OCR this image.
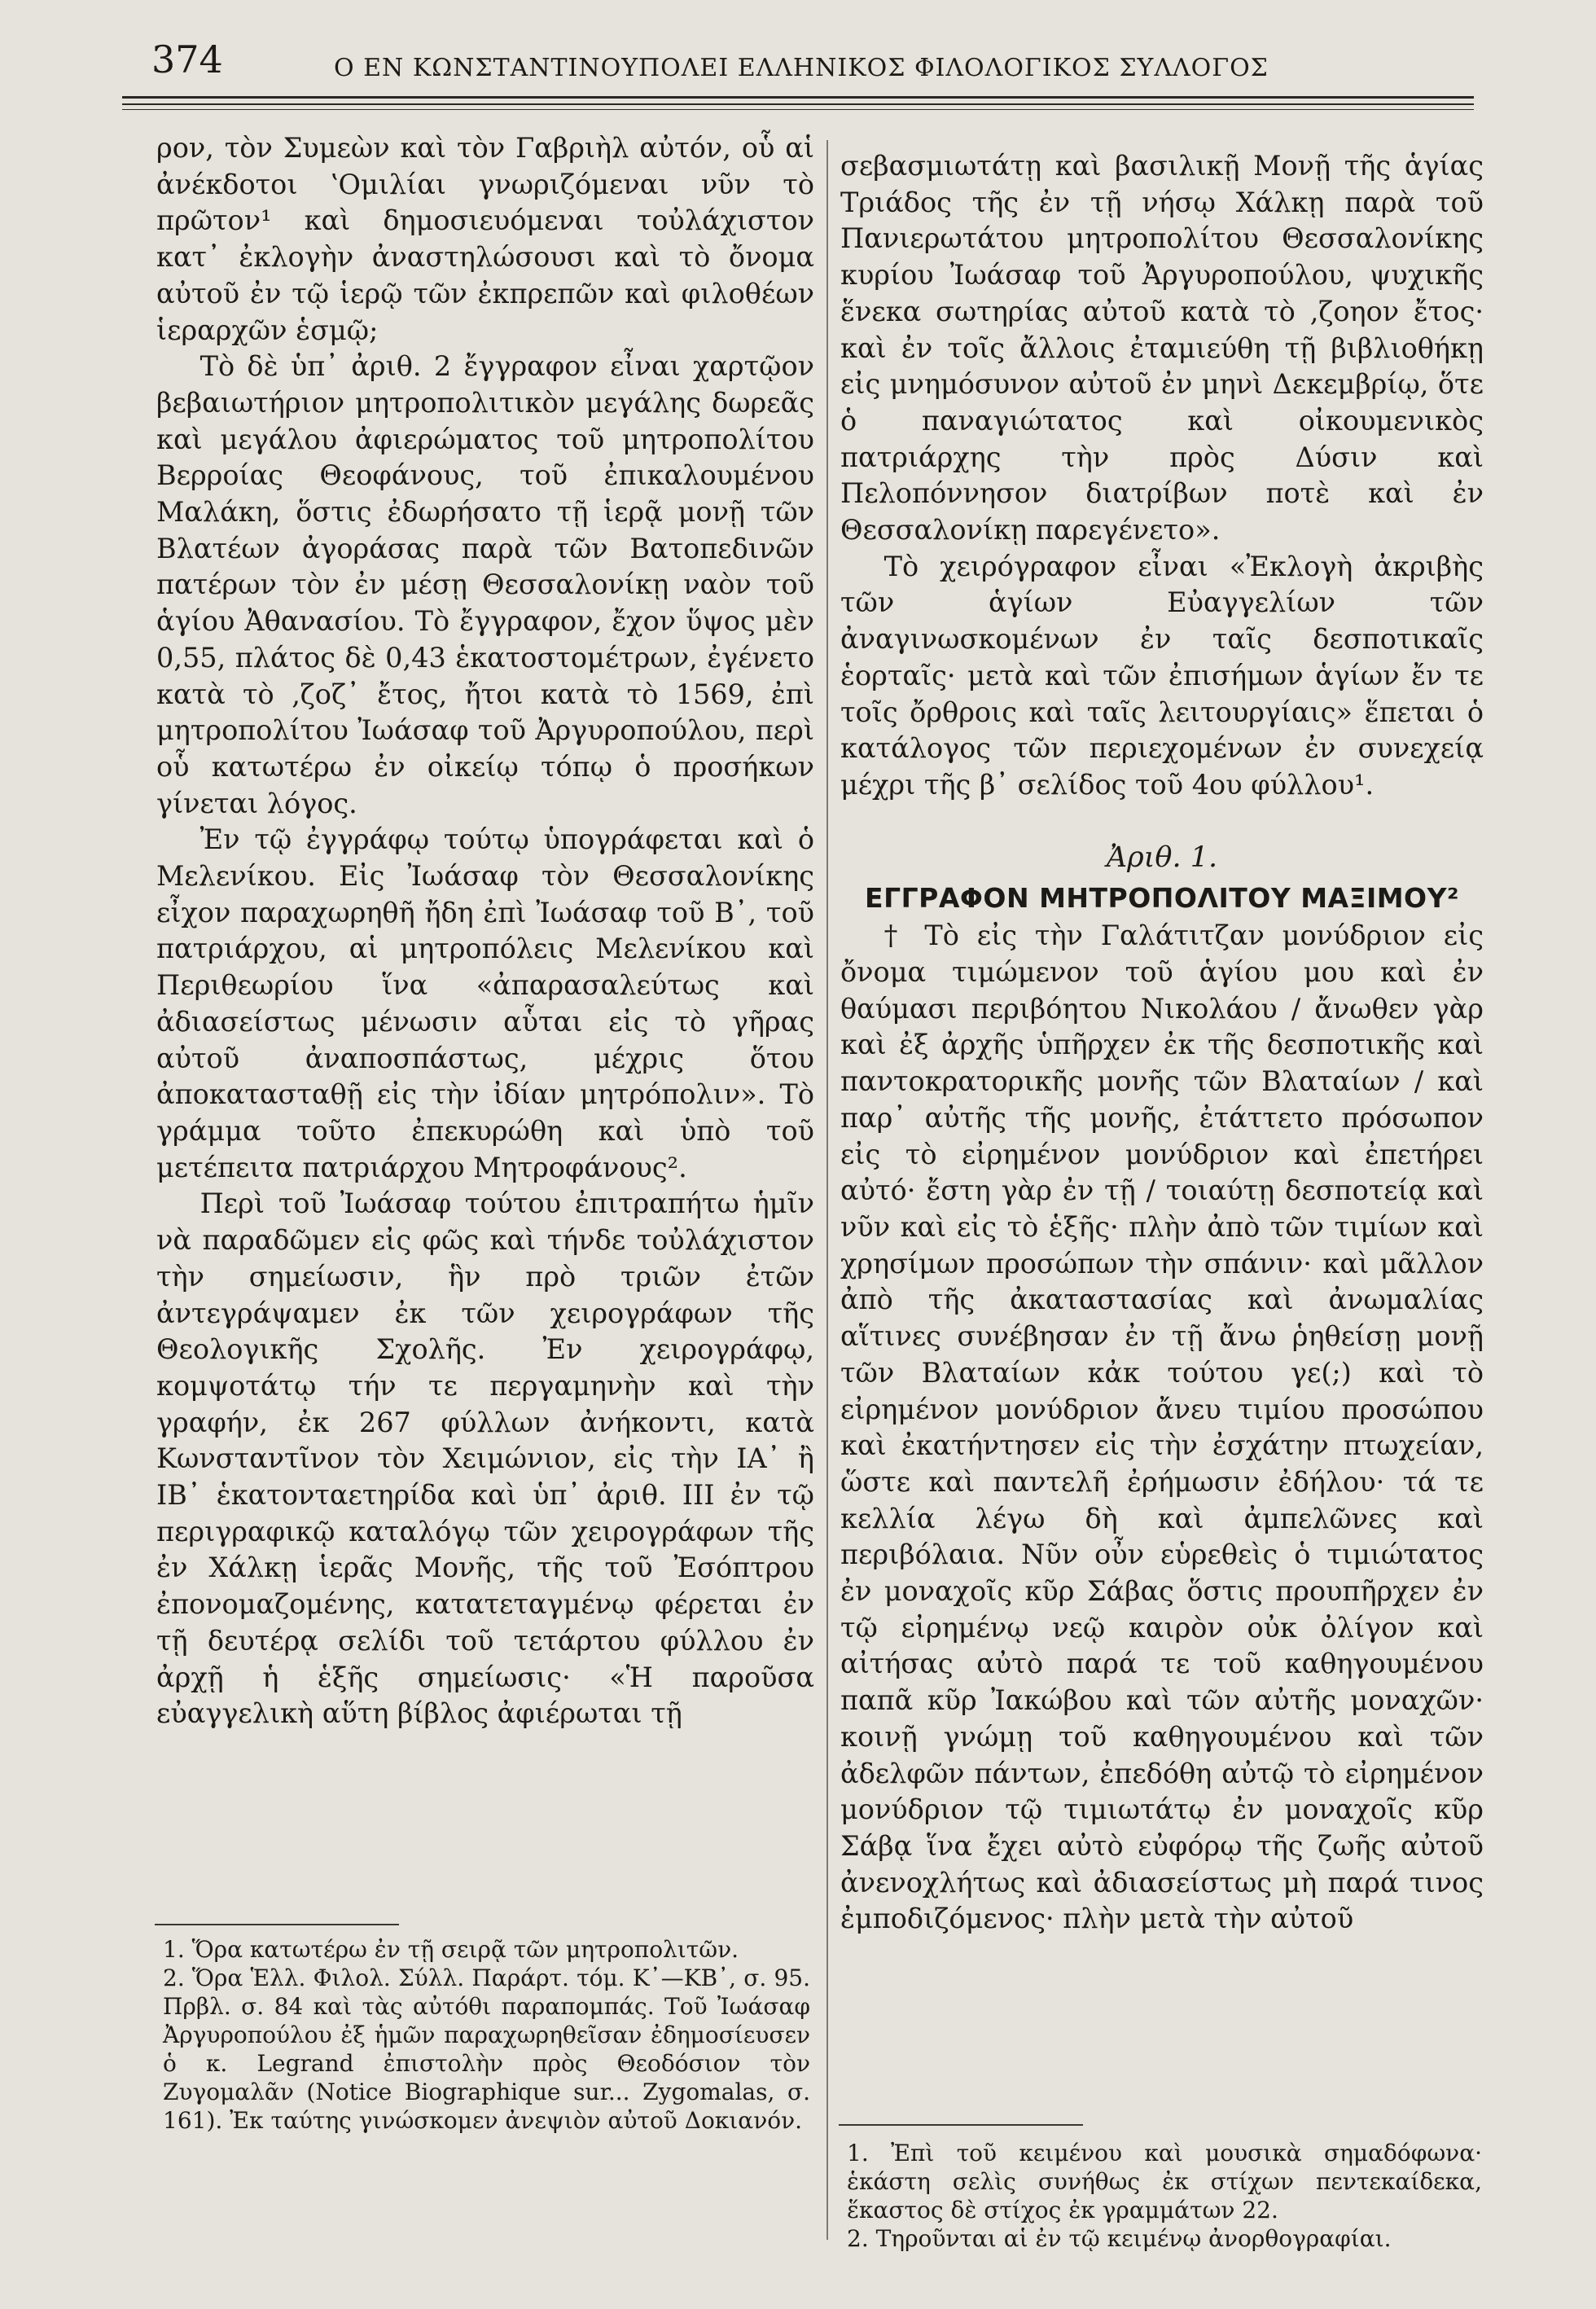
374	Ο ΕΝ ΚΩΝΣΤΑΝΤΙΝΟΥΠΟΛΕΙ ΕΛΛΗΝΙΚΟΣ ΦΙΛΟΛΟΓΙΚΟΣ ΣΥΛΛΟΓΟΣ

ρον, τὸν Συμεὼν καὶ τὸν Γαβριὴλ αὐτόν, οὗ αἱ ἀνέκδοτοι ʽΟμιλίαι γνωριζόμεναι νῦν τὸ πρῶτον¹ καὶ δημοσιευόμεναι τοὐλάχιστον κατ᾽ ἐκλογὴν ἀναστηλώσουσι καὶ τὸ ὄνομα αὐτοῦ ἐν τῷ ἱερῷ τῶν ἐκπρεπῶν καὶ φιλοθέων ἱεραρχῶν ἑσμῷ;

Τὸ δὲ ὑπ᾽ ἀριθ. 2 ἔγγραφον εἶναι χαρτῷον βεβαιωτήριον μητροπολιτικὸν μεγάλης δωρεᾶς καὶ μεγάλου ἀφιερώματος τοῦ μητροπολίτου Βερροίας Θεοφάνους, τοῦ ἐπικαλουμένου Μαλάκη, ὅστις ἐδωρήσατο τῇ ἱερᾷ μονῇ τῶν Βλατέων ἀγοράσας παρὰ τῶν Βατοπεδινῶν πατέρων τὸν ἐν μέσῃ Θεσσαλονίκῃ ναὸν τοῦ ἁγίου Ἀθανασίου. Τὸ ἔγγραφον, ἔχον ὕψος μὲν 0,55, πλάτος δὲ 0,43 ἑκατοστομέτρων, ἐγένετο κατὰ τὸ ‚ζοζ᾽ ἔτος, ἤτοι κατὰ τὸ 1569, ἐπὶ μητροπολίτου Ἰωάσαφ τοῦ Ἀργυροπούλου, περὶ οὗ κατωτέρω ἐν οἰκείῳ τόπῳ ὁ προσήκων γίνεται λόγος.

Ἐν τῷ ἐγγράφῳ τούτῳ ὑπογράφεται καὶ ὁ Μελενίκου. Εἰς Ἰωάσαφ τὸν Θεσσαλονίκης εἶχον παραχωρηθῆ ἤδη ἐπὶ Ἰωάσαφ τοῦ Β᾽, τοῦ πατριάρχου, αἱ μητροπόλεις Μελενίκου καὶ Περιθεωρίου ἵνα «ἀπαρασαλεύτως καὶ ἀδιασείστως μένωσιν αὗται εἰς τὸ γῆρας αὐτοῦ ἀναποσπάστως, μέχρις ὅτου ἀποκατασταθῇ εἰς τὴν ἰδίαν μητρόπολιν». Τὸ γράμμα τοῦτο ἐπεκυρώθη καὶ ὑπὸ τοῦ μετέπειτα πατριάρχου Μητροφάνους².

Περὶ τοῦ Ἰωάσαφ τούτου ἐπιτραπήτω ἡμῖν νὰ παραδῶμεν εἰς φῶς καὶ τήνδε τοὐλάχιστον τὴν σημείωσιν, ἣν πρὸ τριῶν ἐτῶν ἀντεγράψαμεν ἐκ τῶν χειρογράφων τῆς Θεολογικῆς Σχολῆς. Ἐν χειρογράφῳ, κομψοτάτῳ τήν τε περγαμηνὴν καὶ τὴν γραφήν, ἐκ 267 φύλλων ἀνήκοντι, κατὰ Κωνσταντῖνον τὸν Χειμώνιον, εἰς τὴν ΙΑ᾽ ἢ ΙΒ᾽ ἑκατονταετηρίδα καὶ ὑπ᾽ ἀριθ. III ἐν τῷ περιγραφικῷ καταλόγῳ τῶν χειρογράφων τῆς ἐν Χάλκῃ ἱερᾶς Μονῆς, τῆς τοῦ Ἐσόπτρου ἐπονομαζομένης, κατατεταγμένῳ φέρεται ἐν τῇ δευτέρᾳ σελίδι τοῦ τετάρτου φύλλου ἐν ἀρχῇ ἡ ἑξῆς σημείωσις· «Ἡ παροῦσα εὐαγγελικὴ αὕτη βίβλος ἀφιέρωται τῇ

σεβασμιωτάτῃ καὶ βασιλικῇ Μονῇ τῆς ἁγίας Τριάδος τῆς ἐν τῇ νήσῳ Χάλκῃ παρὰ τοῦ Πανιερωτάτου μητροπολίτου Θεσσαλονίκης κυρίου Ἰωάσαφ τοῦ Ἀργυροπούλου, ψυχικῆς ἕνεκα σωτηρίας αὐτοῦ κατὰ τὸ ‚ζοηον ἔτος· καὶ ἐν τοῖς ἄλλοις ἐταμιεύθη τῇ βιβλιοθήκῃ εἰς μνημόσυνον αὐτοῦ ἐν μηνὶ Δεκεμβρίῳ, ὅτε ὁ παναγιώτατος καὶ οἰκουμενικὸς πατριάρχης τὴν πρὸς Δύσιν καὶ Πελοπόννησον διατρίβων ποτὲ καὶ ἐν Θεσσαλονίκῃ παρεγένετο».

Τὸ χειρόγραφον εἶναι «Ἐκλογὴ ἀκριβὴς τῶν ἁγίων Εὐαγγελίων τῶν ἀναγινωσκομένων ἐν ταῖς δεσποτικαῖς ἑορταῖς· μετὰ καὶ τῶν ἐπισήμων ἁγίων ἔν τε τοῖς ὄρθροις καὶ ταῖς λειτουργίαις» ἕπεται ὁ κατάλογος τῶν περιεχομένων ἐν συνεχείᾳ μέχρι τῆς β᾽ σελίδος τοῦ 4ου φύλλου¹.

Ἀριθ. 1.
ΕΓΓΡΑΦΟΝ ΜΗΤΡΟΠΟΛΙΤΟΥ ΜΑΞΙΜΟΥ²

† Τὸ εἰς τὴν Γαλάτιτζαν μονύδριον εἰς ὄνομα τιμώμενον τοῦ ἁγίου μου καὶ ἐν θαύμασι περιβόητου Νικολάου / ἄνωθεν γὰρ καὶ ἐξ ἀρχῆς ὑπῆρχεν ἐκ τῆς δεσποτικῆς καὶ παντοκρατορικῆς μονῆς τῶν Βλαταίων / καὶ παρ᾽ αὐτῆς τῆς μονῆς, ἐτάττετο πρόσωπον εἰς τὸ εἰρημένον μονύδριον καὶ ἐπετήρει αὐτό· ἔστη γὰρ ἐν τῇ / τοιαύτῃ δεσποτείᾳ καὶ νῦν καὶ εἰς τὸ ἑξῆς· πλὴν ἀπὸ τῶν τιμίων καὶ χρησίμων προσώπων τὴν σπάνιν· καὶ μᾶλλον ἀπὸ τῆς ἀκαταστασίας καὶ ἀνωμαλίας αἵτινες συνέβησαν ἐν τῇ ἄνω ῥηθείσῃ μονῇ τῶν Βλαταίων κἀκ τούτου γε(;) καὶ τὸ εἰρημένον μονύδριον ἄνευ τιμίου προσώπου καὶ ἐκατήντησεν εἰς τὴν ἐσχάτην πτωχείαν, ὥστε καὶ παντελῆ ἐρήμωσιν ἐδήλου· τά τε κελλία λέγω δὴ καὶ ἀμπελῶνες καὶ περιβόλαια. Νῦν οὖν εὑρεθεὶς ὁ τιμιώτατος ἐν μοναχοῖς κῦρ Σάβας ὅστις προυπῆρχεν ἐν τῷ εἰρημένῳ νεῷ καιρὸν οὐκ ὀλίγον καὶ αἰτήσας αὐτὸ παρά τε τοῦ καθηγουμένου παπᾶ κῦρ Ἰακώβου καὶ τῶν αὐτῆς μοναχῶν· κοινῇ γνώμῃ τοῦ καθηγουμένου καὶ τῶν ἀδελφῶν πάντων, ἐπεδόθη αὐτῷ τὸ εἰρημένον μονύδριον τῷ τιμιωτάτῳ ἐν μοναχοῖς κῦρ Σάβᾳ ἵνα ἔχει αὐτὸ εὐφόρῳ τῆς ζωῆς αὐτοῦ ἀνενοχλήτως καὶ ἀδιασείστως μὴ παρά τινος ἐμποδιζόμενος· πλὴν μετὰ τὴν αὐτοῦ

1. Ὅρα κατωτέρω ἐν τῇ σειρᾷ τῶν μητροπολιτῶν.

2. Ὅρα Ἑλλ. Φιλολ. Σύλλ. Παράρτ. τόμ. Κ᾽—ΚΒ᾽, σ. 95. Πρβλ. σ. 84 καὶ τὰς αὐτόθι παραπομπάς. Τοῦ Ἰωάσαφ Ἀργυροπούλου ἐξ ἡμῶν παραχωρηθεῖσαν ἐδημοσίευσεν ὁ κ. Legrand ἐπιστολὴν πρὸς Θεοδόσιον τὸν Ζυγομαλᾶν (Notice Biographique sur... Zygomalas, σ. 161). Ἐκ ταύτης γινώσκομεν ἀνεψιὸν αὐτοῦ Δοκιανόν.

1. Ἐπὶ τοῦ κειμένου καὶ μουσικὰ σημαδόφωνα· ἑκάστη σελὶς συνήθως ἐκ στίχων πεντεκαίδεκα, ἕκαστος δὲ στίχος ἐκ γραμμάτων 22.

2. Τηροῦνται αἱ ἐν τῷ κειμένῳ ἀνορθογραφίαι.
